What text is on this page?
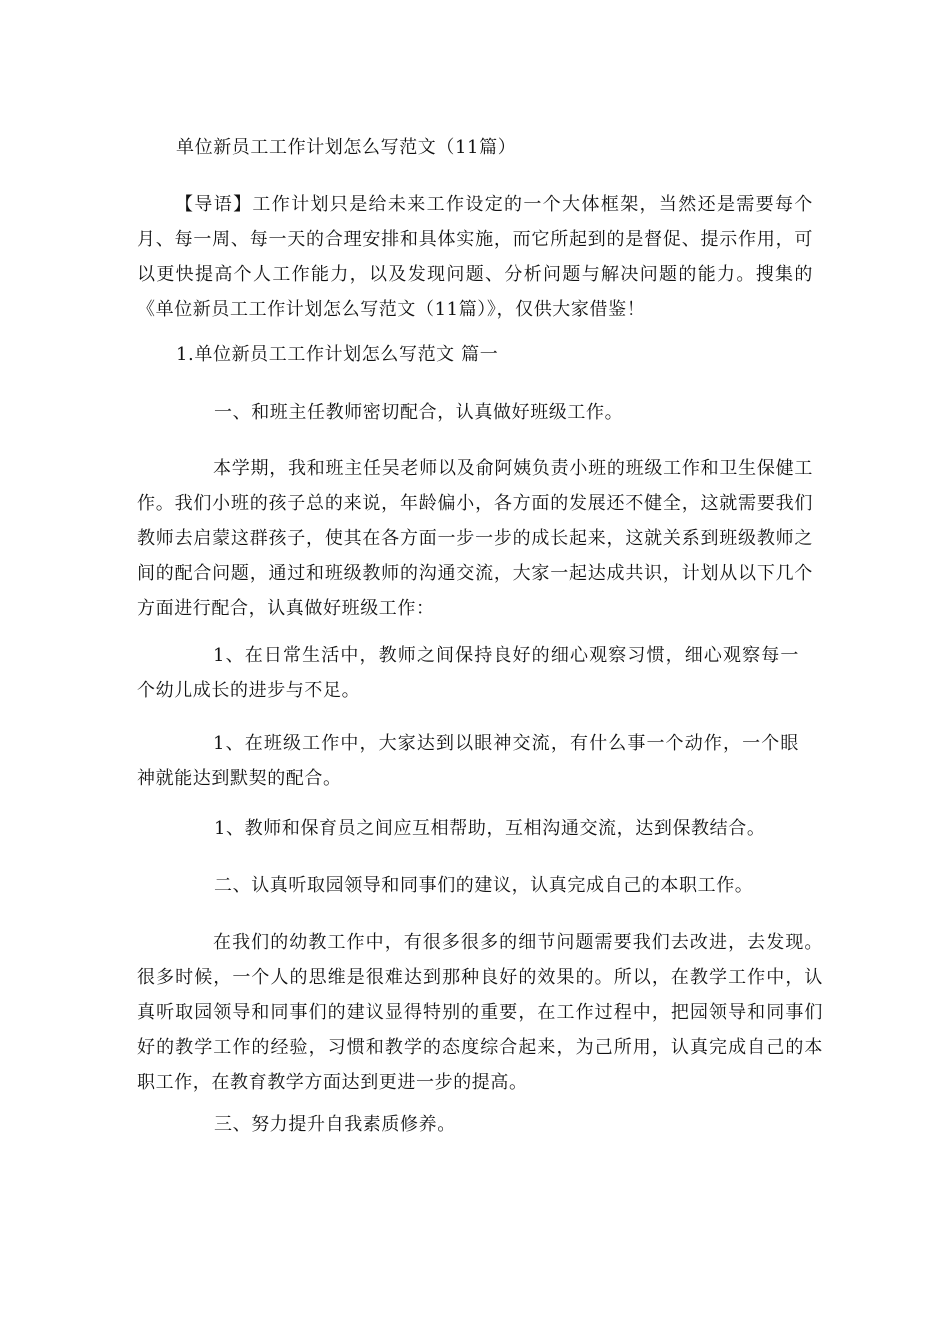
单位新员工工作计划怎么写范文（11篇）
【导语】工作计划只是给未来工作设定的一个大体框架，当然还是需要每个月、每一周、每一天的合理安排和具体实施，而它所起到的是督促、提示作用，可以更快提高个人工作能力，以及发现问题、分析问题与解决问题的能力。搜集的《单位新员工工作计划怎么写范文（11篇）》，仅供大家借鉴！
1.单位新员工工作计划怎么写范文 篇一
一、和班主任教师密切配合，认真做好班级工作。
本学期，我和班主任吴老师以及俞阿姨负责小班的班级工作和卫生保健工作。我们小班的孩子总的来说，年龄偏小，各方面的发展还不健全，这就需要我们教师去启蒙这群孩子，使其在各方面一步一步的成长起来，这就关系到班级教师之间的配合问题，通过和班级教师的沟通交流，大家一起达成共识，计划从以下几个方面进行配合，认真做好班级工作：
1、在日常生活中，教师之间保持良好的细心观察习惯，细心观察每一个幼儿成长的进步与不足。
1、在班级工作中，大家达到以眼神交流，有什么事一个动作，一个眼神就能达到默契的配合。
1、教师和保育员之间应互相帮助，互相沟通交流，达到保教结合。
二、认真听取园领导和同事们的建议，认真完成自己的本职工作。
在我们的幼教工作中，有很多很多的细节问题需要我们去改进，去发现。很多时候，一个人的思维是很难达到那种良好的效果的。所以，在教学工作中，认真听取园领导和同事们的建议显得特别的重要，在工作过程中，把园领导和同事们好的教学工作的经验，习惯和教学的态度综合起来，为己所用，认真完成自己的本职工作，在教育教学方面达到更进一步的提高。
三、努力提升自我素质修养。
